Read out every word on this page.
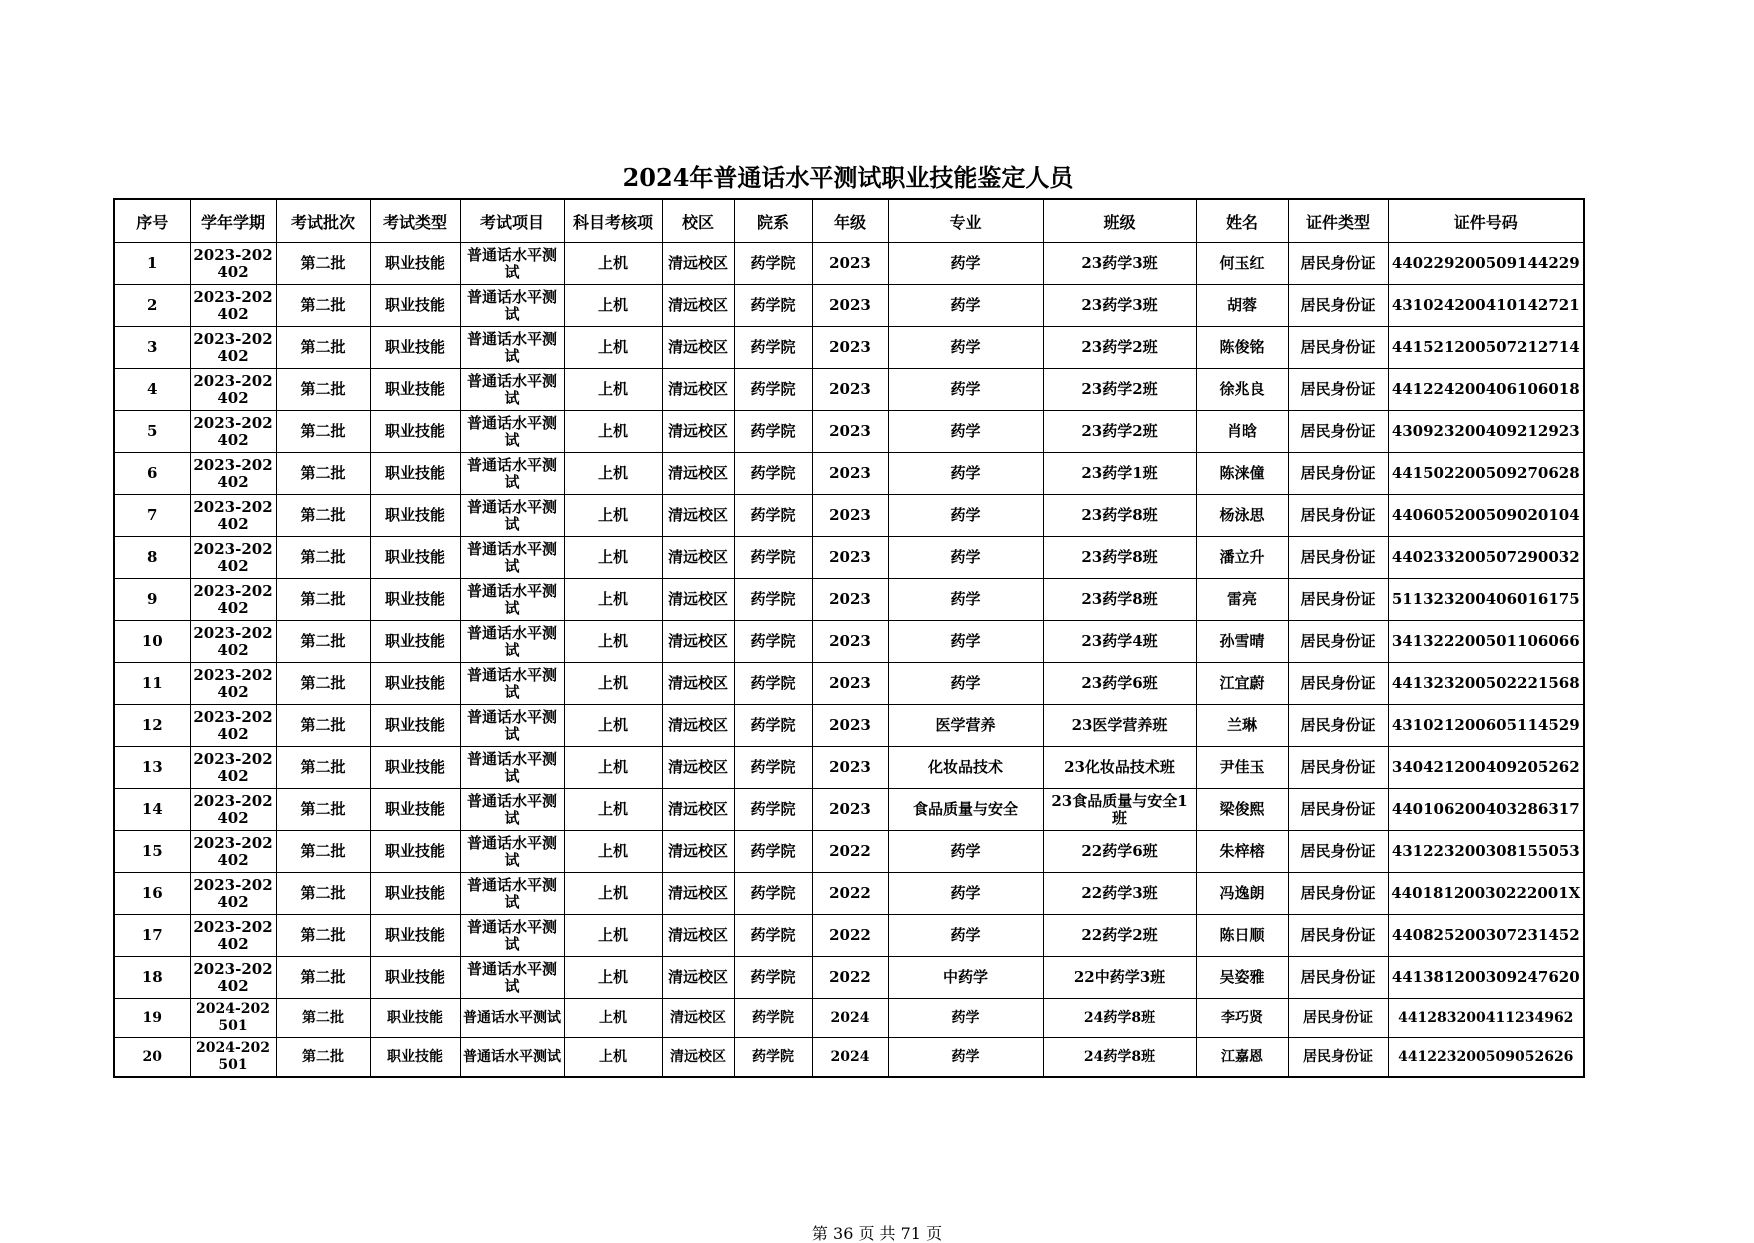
2024年普通话水平测试职业技能鉴定人员
序号	学年学期	考试批次	考试类型	考试项目	科目考核项	校区	院系	年级	专业	班级	姓名	证件类型	证件号码
1	2023-202402	第二批	职业技能	普通话水平测试	上机	清远校区	药学院	2023	药学	23药学3班	何玉红	居民身份证	440229200509144229
2	2023-202402	第二批	职业技能	普通话水平测试	上机	清远校区	药学院	2023	药学	23药学3班	胡蓉	居民身份证	431024200410142721
3	2023-202402	第二批	职业技能	普通话水平测试	上机	清远校区	药学院	2023	药学	23药学2班	陈俊铭	居民身份证	441521200507212714
4	2023-202402	第二批	职业技能	普通话水平测试	上机	清远校区	药学院	2023	药学	23药学2班	徐兆良	居民身份证	441224200406106018
5	2023-202402	第二批	职业技能	普通话水平测试	上机	清远校区	药学院	2023	药学	23药学2班	肖晗	居民身份证	430923200409212923
6	2023-202402	第二批	职业技能	普通话水平测试	上机	清远校区	药学院	2023	药学	23药学1班	陈涞僮	居民身份证	441502200509270628
7	2023-202402	第二批	职业技能	普通话水平测试	上机	清远校区	药学院	2023	药学	23药学8班	杨泳思	居民身份证	440605200509020104
8	2023-202402	第二批	职业技能	普通话水平测试	上机	清远校区	药学院	2023	药学	23药学8班	潘立升	居民身份证	440233200507290032
9	2023-202402	第二批	职业技能	普通话水平测试	上机	清远校区	药学院	2023	药学	23药学8班	雷亮	居民身份证	511323200406016175
10	2023-202402	第二批	职业技能	普通话水平测试	上机	清远校区	药学院	2023	药学	23药学4班	孙雪晴	居民身份证	341322200501106066
11	2023-202402	第二批	职业技能	普通话水平测试	上机	清远校区	药学院	2023	药学	23药学6班	江宜蔚	居民身份证	441323200502221568
12	2023-202402	第二批	职业技能	普通话水平测试	上机	清远校区	药学院	2023	医学营养	23医学营养班	兰琳	居民身份证	431021200605114529
13	2023-202402	第二批	职业技能	普通话水平测试	上机	清远校区	药学院	2023	化妆品技术	23化妆品技术班	尹佳玉	居民身份证	340421200409205262
14	2023-202402	第二批	职业技能	普通话水平测试	上机	清远校区	药学院	2023	食品质量与安全	23食品质量与安全1班	梁俊熙	居民身份证	440106200403286317
15	2023-202402	第二批	职业技能	普通话水平测试	上机	清远校区	药学院	2022	药学	22药学6班	朱梓榕	居民身份证	431223200308155053
16	2023-202402	第二批	职业技能	普通话水平测试	上机	清远校区	药学院	2022	药学	22药学3班	冯逸朗	居民身份证	44018120030222001X
17	2023-202402	第二批	职业技能	普通话水平测试	上机	清远校区	药学院	2022	药学	22药学2班	陈日顺	居民身份证	440825200307231452
18	2023-202402	第二批	职业技能	普通话水平测试	上机	清远校区	药学院	2022	中药学	22中药学3班	吴姿雅	居民身份证	441381200309247620
19	2024-202501	第二批	职业技能	普通话水平测试	上机	清远校区	药学院	2024	药学	24药学8班	李巧贤	居民身份证	441283200411234962
20	2024-202501	第二批	职业技能	普通话水平测试	上机	清远校区	药学院	2024	药学	24药学8班	江嘉恩	居民身份证	441223200509052626
第 36 页 共 71 页
